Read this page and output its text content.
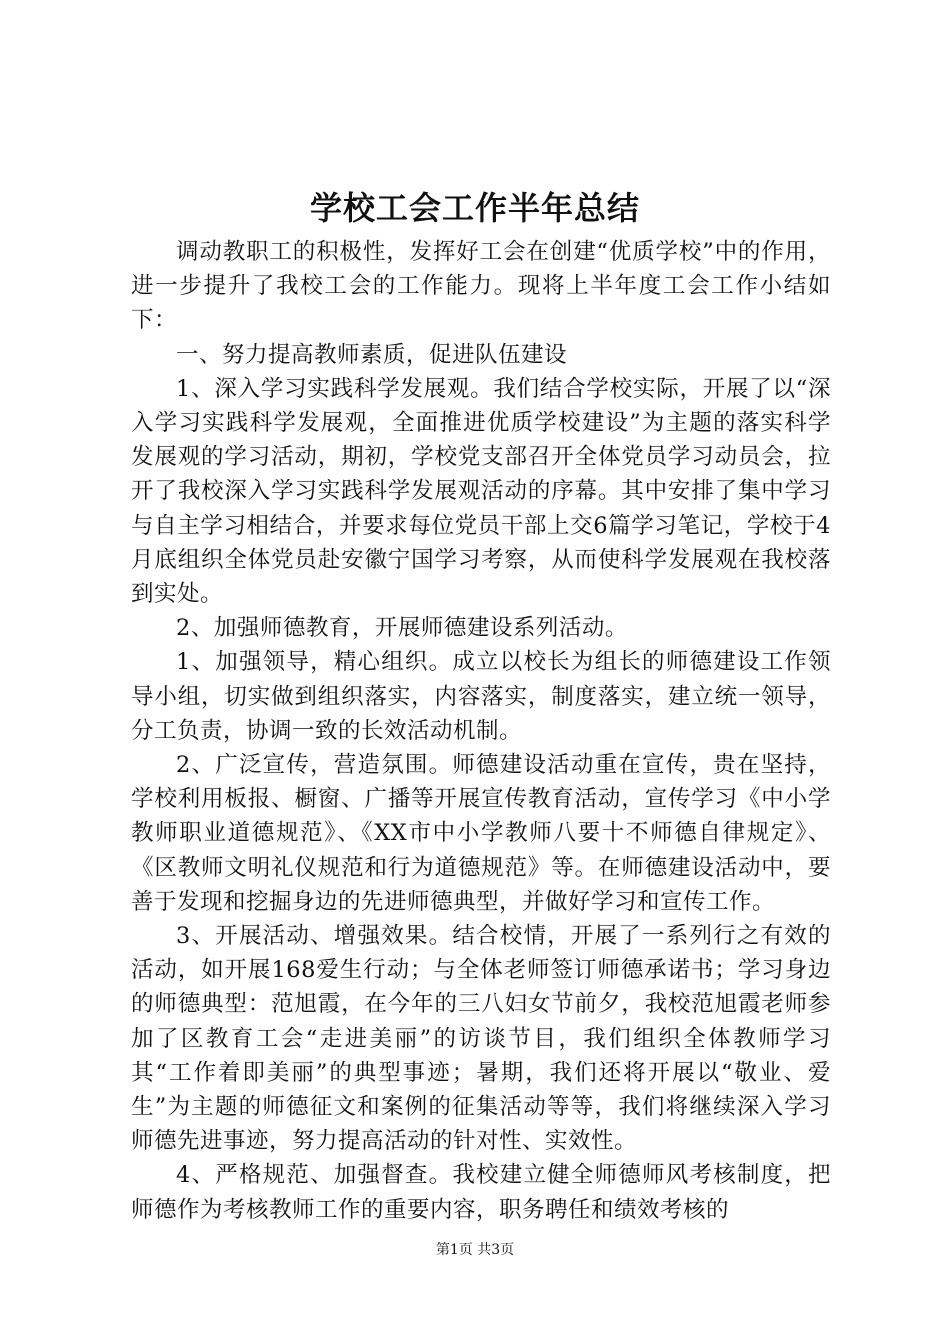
学校工会工作半年总结

调动教职工的积极性，发挥好工会在创建“优质学校”中的作用，进一步提升了我校工会的工作能力。现将上半年度工会工作小结如下：

一、努力提高教师素质，促进队伍建设

1、深入学习实践科学发展观。我们结合学校实际，开展了以“深入学习实践科学发展观，全面推进优质学校建设”为主题的落实科学发展观的学习活动，期初，学校党支部召开全体党员学习动员会，拉开了我校深入学习实践科学发展观活动的序幕。其中安排了集中学习与自主学习相结合，并要求每位党员干部上交6篇学习笔记，学校于4月底组织全体党员赴安徽宁国学习考察，从而使科学发展观在我校落到实处。

2、加强师德教育，开展师德建设系列活动。

1、加强领导，精心组织。成立以校长为组长的师德建设工作领导小组，切实做到组织落实，内容落实，制度落实，建立统一领导，分工负责，协调一致的长效活动机制。

2、广泛宣传，营造氛围。师德建设活动重在宣传，贵在坚持，学校利用板报、橱窗、广播等开展宣传教育活动，宣传学习《中小学教师职业道德规范》、《XX市中小学教师八要十不师德自律规定》、《区教师文明礼仪规范和行为道德规范》等。在师德建设活动中，要善于发现和挖掘身边的先进师德典型，并做好学习和宣传工作。

3、开展活动、增强效果。结合校情，开展了一系列行之有效的活动，如开展168爱生行动；与全体老师签订师德承诺书；学习身边的师德典型：范旭霞，在今年的三八妇女节前夕，我校范旭霞老师参加了区教育工会“走进美丽”的访谈节目，我们组织全体教师学习其“工作着即美丽”的典型事迹；暑期，我们还将开展以“敬业、爱生”为主题的师德征文和案例的征集活动等等，我们将继续深入学习师德先进事迹，努力提高活动的针对性、实效性。

4、严格规范、加强督查。我校建立健全师德师风考核制度，把师德作为考核教师工作的重要内容，职务聘任和绩效考核的

第1页 共3页
